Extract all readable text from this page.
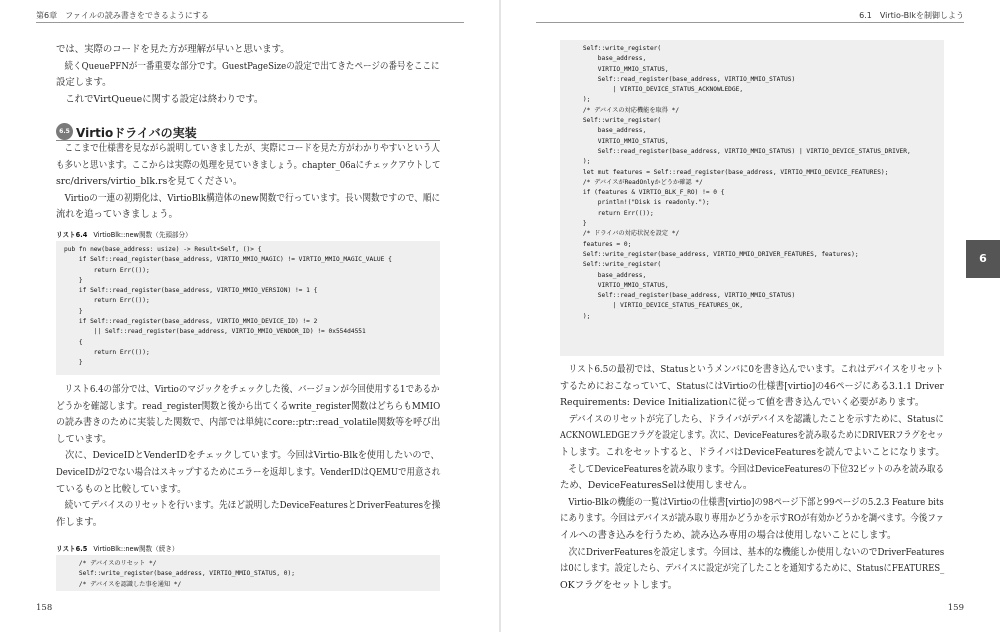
第6章　ファイルの読み書きをできるようにする
では、実際のコードを見た方が理解が早いと思います。
　続くQueuePFNが一番重要な部分です。GuestPageSizeの設定で出てきたページの番号をここに
設定します。
　これでVirtQueueに関する設定は終わりです。
6.5 Virtioドライバの実装
　ここまで仕様書を見ながら説明していきましたが、実際にコードを見た方がわかりやすいという人
も多いと思います。ここからは実際の処理を見ていきましょう。chapter_06aにチェックアウトして
src/drivers/virtio_blk.rsを見てください。
　Virtioの一連の初期化は、VirtioBlk構造体のnew関数で行っています。長い関数ですので、順に
流れを追っていきましょう。
リスト6.4 VirtioBlk::new関数（先頭部分）
pub fn new(base_address: usize) -> Result<Self, ()> {
if Self::read_register(base_address, VIRTIO_MMIO_MAGIC) != VIRTIO_MMIO_MAGIC_VALUE {
return Err(());
}
if Self::read_register(base_address, VIRTIO_MMIO_VERSION) != 1 {
return Err(());
}
if Self::read_register(base_address, VIRTIO_MMIO_DEVICE_ID) != 2
|| Self::read_register(base_address, VIRTIO_MMIO_VENDOR_ID) != 0x554d4551
{
return Err(());
}
　リスト6.4の部分では、Virtioのマジックをチェックした後、バージョンが今回使用する1であるか
どうかを確認します。read_register関数と後から出てくるwrite_register関数はどちらもMMIO
の読み書きのために実装した関数で、内部では単純にcore::ptr::read_volatile関数等を呼び出
しています。
　次に、DeviceIDとVenderIDをチェックしています。今回はVirtio-Blkを使用したいので、
DeviceIDが2でない場合はスキップするためにエラーを返却します。VenderIDはQEMUで用意され
ているものと比較しています。
　続いてデバイスのリセットを行います。先ほど説明したDeviceFeaturesとDriverFeaturesを操
作します。
リスト6.5 VirtioBlk::new関数（続き）
/* デバイスのリセット */
Self::write_register(base_address, VIRTIO_MMIO_STATUS, 0);
/* デバイスを認識した事を通知 */
158
6.1　Virtio-Blkを制御しよう
Self::write_register(
base_address,
VIRTIO_MMIO_STATUS,
Self::read_register(base_address, VIRTIO_MMIO_STATUS)
| VIRTIO_DEVICE_STATUS_ACKNOWLEDGE,
);
/* デバイスの対応機能を取得 */
Self::write_register(
base_address,
VIRTIO_MMIO_STATUS,
Self::read_register(base_address, VIRTIO_MMIO_STATUS) | VIRTIO_DEVICE_STATUS_DRIVER,
);
let mut features = Self::read_register(base_address, VIRTIO_MMIO_DEVICE_FEATURES);
/* デバイスがReadOnlyかどうか確認 */
if (features & VIRTIO_BLK_F_RO) != 0 {
println!("Disk is readonly.");
return Err(());
}
/* ドライバの対応状況を設定 */
features = 0;
Self::write_register(base_address, VIRTIO_MMIO_DRIVER_FEATURES, features);
Self::write_register(
base_address,
VIRTIO_MMIO_STATUS,
Self::read_register(base_address, VIRTIO_MMIO_STATUS)
| VIRTIO_DEVICE_STATUS_FEATURES_OK,
);
　リスト6.5の最初では、Statusというメンバに0を書き込んでいます。これはデバイスをリセット
するためにおこなっていて、StatusにはVirtioの仕様書[virtio]の46ページにある3.1.1 Driver
Requirements: Device Initializationに従って値を書き込んでいく必要があります。
　デバイスのリセットが完了したら、ドライバがデバイスを認識したことを示すために、Statusに
ACKNOWLEDGEフラグを設定します。次に、DeviceFeaturesを読み取るためにDRIVERフラグをセッ
トします。これをセットすると、ドライバはDeviceFeaturesを読んでよいことになります。
　そしてDeviceFeaturesを読み取ります。今回はDeviceFeaturesの下位32ビットのみを読み取る
ため、DeviceFeaturesSelは使用しません。
　Virtio-Blkの機能の一覧はVirtioの仕様書[virtio]の98ページ下部と99ページの5.2.3 Feature bits
にあります。今回はデバイスが読み取り専用かどうかを示すROが有効かどうかを調べます。今後ファ
イルへの書き込みを行うため、読み込み専用の場合は使用しないことにします。
　次にDriverFeaturesを設定します。今回は、基本的な機能しか使用しないのでDriverFeatures
は0にします。設定したら、デバイスに設定が完了したことを通知するために、StatusにFEATURES_
OKフラグをセットします。
159
6
